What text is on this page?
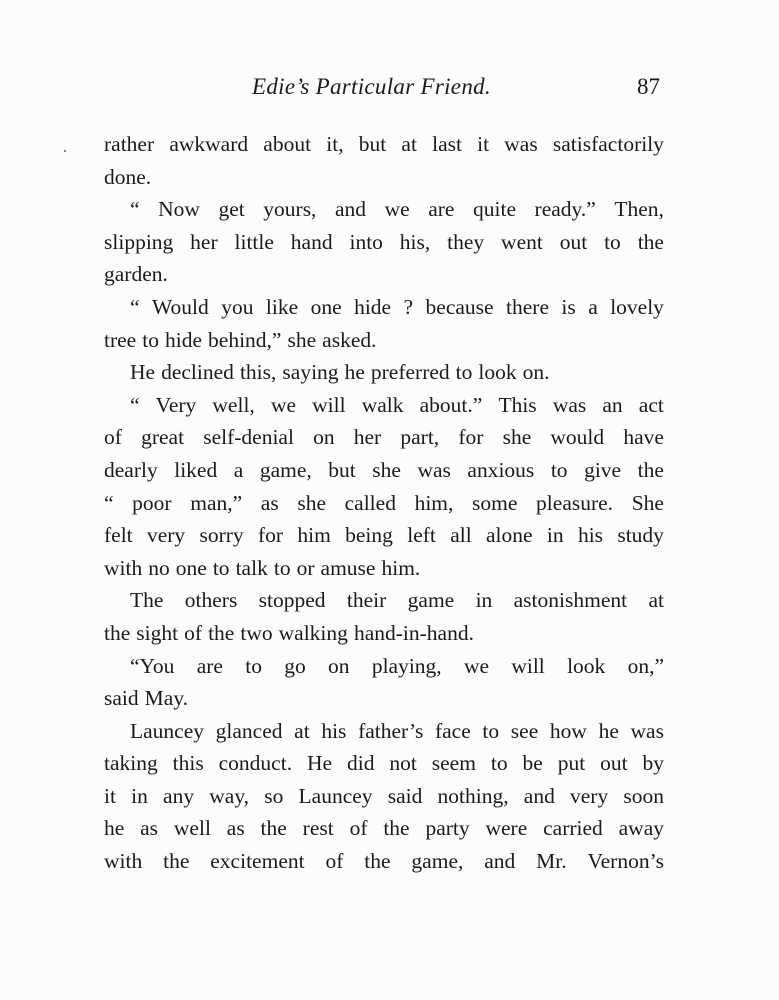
Edie’s Particular Friend.	87
rather awkward about it, but at last it was satisfactorily
done.
“ Now get yours, and we are quite ready.” Then,
slipping her little hand into his, they went out to the
garden.
“ Would you like one hide ? because there is a lovely
tree to hide behind,” she asked.
He declined this, saying he preferred to look on.
“ Very well, we will walk about.” This was an act
of great self-denial on her part, for she would have
dearly liked a game, but she was anxious to give the
“ poor man,” as she called him, some pleasure. She
felt very sorry for him being left all alone in his study
with no one to talk to or amuse him.
The others stopped their game in astonishment at
the sight of the two walking hand-in-hand.
“You are to go on playing, we will look on,”
said May.
Launcey glanced at his father’s face to see how he was
taking this conduct. He did not seem to be put out by
it in any way, so Launcey said nothing, and very soon
he as well as the rest of the party were carried away
with the excitement of the game, and Mr. Vernon’s
